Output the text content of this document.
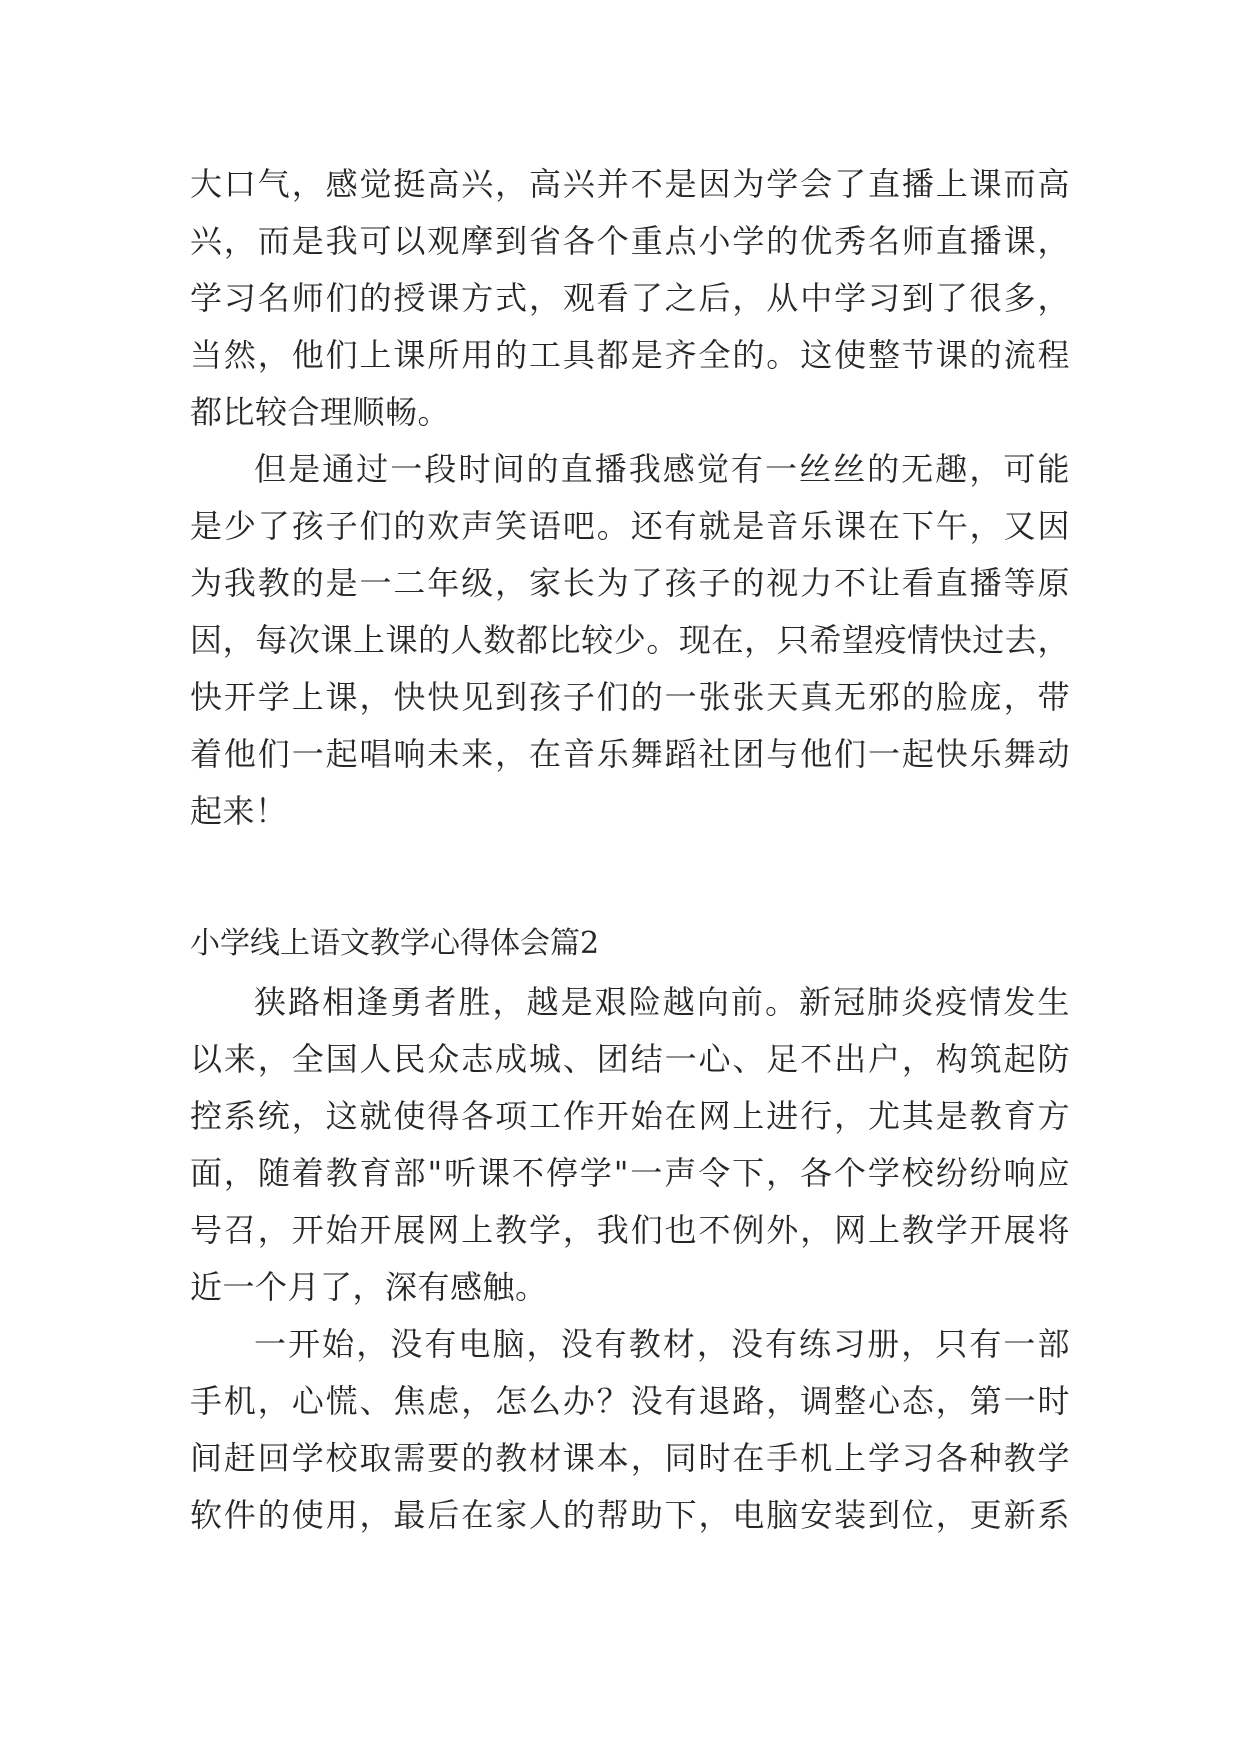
大口气，感觉挺高兴，高兴并不是因为学会了直播上课而高
兴，而是我可以观摩到省各个重点小学的优秀名师直播课，
学习名师们的授课方式，观看了之后，从中学习到了很多，
当然，他们上课所用的工具都是齐全的。这使整节课的流程
都比较合理顺畅。
但是通过一段时间的直播我感觉有一丝丝的无趣，可能
是少了孩子们的欢声笑语吧。还有就是音乐课在下午，又因
为我教的是一二年级，家长为了孩子的视力不让看直播等原
因，每次课上课的人数都比较少。现在，只希望疫情快过去，
快开学上课，快快见到孩子们的一张张天真无邪的脸庞，带
着他们一起唱响未来，在音乐舞蹈社团与他们一起快乐舞动
起来！
小学线上语文教学心得体会篇2
狭路相逢勇者胜，越是艰险越向前。新冠肺炎疫情发生
以来，全国人民众志成城、团结一心、足不出户，构筑起防
控系统，这就使得各项工作开始在网上进行，尤其是教育方
面，随着教育部"听课不停学"一声令下，各个学校纷纷响应
号召，开始开展网上教学，我们也不例外，网上教学开展将
近一个月了，深有感触。
一开始，没有电脑，没有教材，没有练习册，只有一部
手机，心慌、焦虑，怎么办？没有退路，调整心态，第一时
间赶回学校取需要的教材课本，同时在手机上学习各种教学
软件的使用，最后在家人的帮助下，电脑安装到位，更新系
